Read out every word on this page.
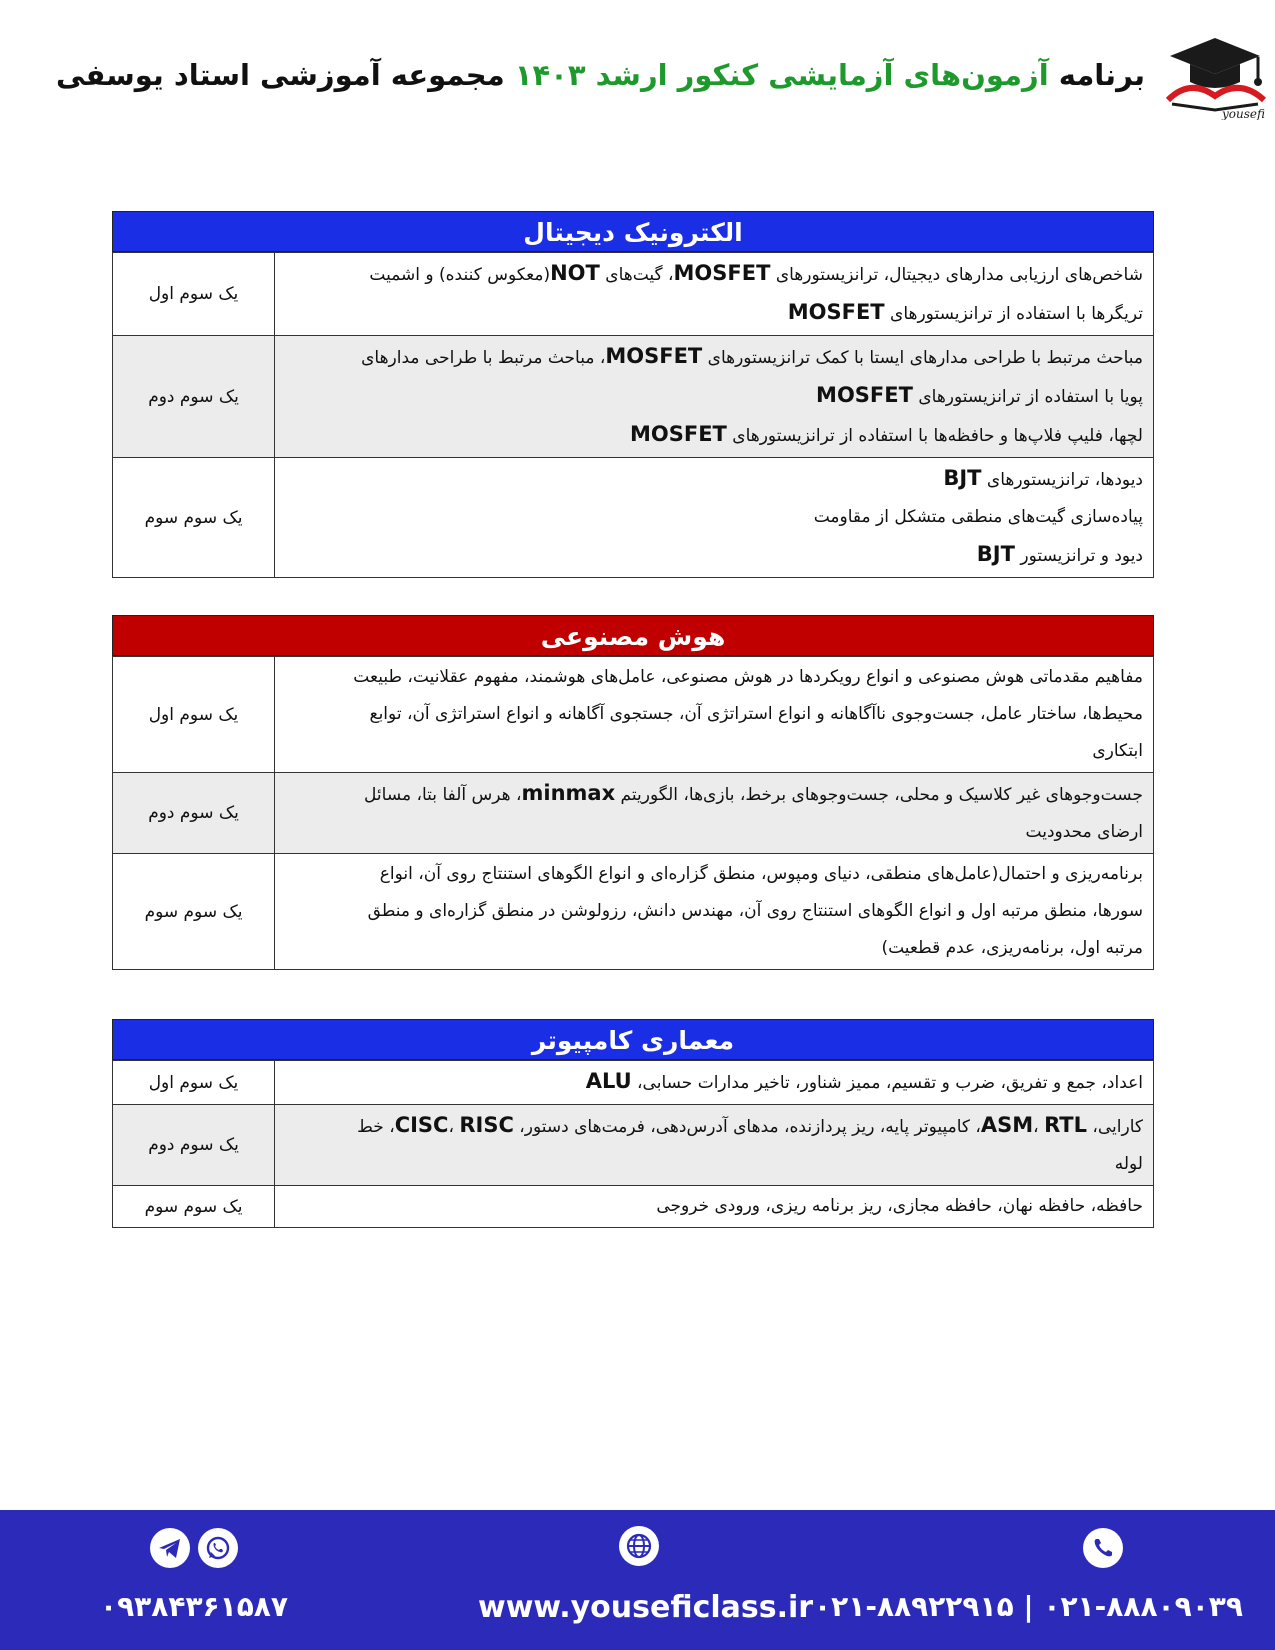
yousefi
برنامه آزمون‌های آزمایشی کنکور ارشد ۱۴۰۳ مجموعه آموزشی استاد یوسفی
الکترونیک دیجیتال
شاخص‌های ارزیابی مدارهای دیجیتال، ترانزیستورهای MOSFET، گیت‌های NOT(معکوس کننده) و اشمیت
تریگرها با استفاده از ترانزیستورهای MOSFET	یک سوم اول

مباحث مرتبط با طراحی مدارهای ایستا با کمک ترانزیستورهای MOSFET، مباحث مرتبط با طراحی مدارهای
پویا با استفاده از ترانزیستورهای MOSFET
لچها، فلیپ فلاپ‌ها و حافظه‌ها با استفاده از ترانزیستورهای MOSFET	یک سوم دوم

دیودها، ترانزیستورهای BJT
پیاده‌سازی گیت‌های منطقی متشکل از مقاومت
دیود و ترانزیستور BJT	یک سوم سوم
هوش مصنوعی
مفاهیم مقدماتی هوش مصنوعی و انواع رویکردها در هوش مصنوعی، عامل‌های هوشمند، مفهوم عقلانیت، طبیعت
محیط‌ها، ساختار عامل، جست‌وجوی ناآگاهانه و انواع استراتژی آن، جستجوی آگاهانه و انواع استراتژی آن، توابع
ابتکاری	یک سوم اول

جست‌وجوهای غیر کلاسیک و محلی، جست‌وجوهای برخط، بازی‌ها، الگوریتم minmax، هرس آلفا بتا، مسائل
ارضای محدودیت	یک سوم دوم

برنامه‌ریزی و احتمال(عامل‌های منطقی، دنیای ومپوس، منطق گزاره‌ای و انواع الگوهای استنتاج روی آن، انواع
سورها، منطق مرتبه اول و انواع الگوهای استنتاج روی آن، مهندس دانش، رزولوشن در منطق گزاره‌ای و منطق
مرتبه اول، برنامه‌ریزی، عدم قطعیت)	یک سوم سوم
معماری کامپیوتر
اعداد، جمع و تفریق، ضرب و تقسیم، ممیز شناور، تاخیر مدارات حسابی، ALU	یک سوم اول

کارایی، ASM، RTL، کامپیوتر پایه، ریز پردازنده، مدهای آدرس‌دهی، فرمت‌های دستور، CISC، RISC، خط
لوله	یک سوم دوم

حافظه، حافظه نهان، حافظه مجازی، ریز برنامه ریزی، ورودی خروجی	یک سوم سوم
۰۲۱-۸۸۹۲۲۹۱۵ | ۰۲۱-۸۸۸۰۹۰۳۹
www.youseficlass.ir
۰۹۳۸۴۳۶۱۵۸۷
